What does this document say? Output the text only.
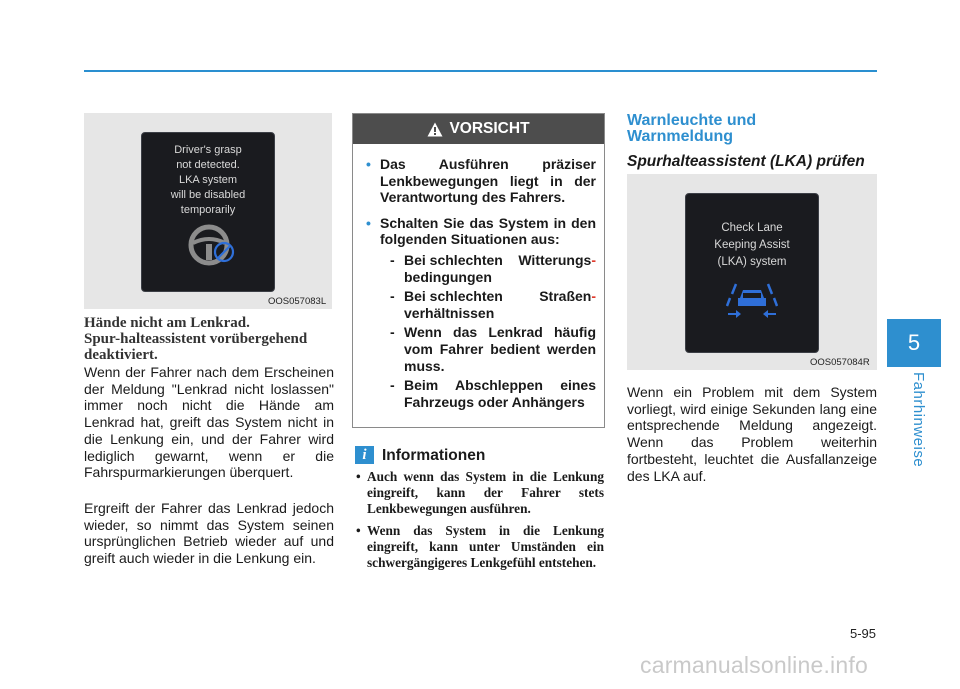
Driver's grasp
not detected.
LKA system
will be disabled
temporarily
OOS057083L
Hände nicht am Lenkrad.
Spur-halteassistent vorübergehend
deaktiviert.
Wenn der Fahrer nach dem Erscheinen der Meldung "Lenkrad nicht loslassen" immer noch nicht die Hände am Lenkrad hat, greift das System nicht in die Lenkung ein, und der Fahrer wird lediglich gewarnt, wenn er die Fahrspurmarkierungen überquert.
Ergreift der Fahrer das Lenkrad jedoch wieder, so nimmt das System seinen ursprünglichen Betrieb wieder auf und greift auch wieder in die Lenkung ein.
VORSICHT
• Das Ausführen präziser Lenkbewegungen liegt in der Verantwortung des Fahrers.
• Schalten Sie das System in den folgenden Situationen aus:
- Bei schlechten Witterungs-
bedingungen
- Bei schlechten	Straßen-
verhältnissen
- Wenn das Lenkrad häufig vom Fahrer bedient werden muss.
- Beim Abschleppen eines Fahrzeugs oder Anhängers
i Informationen
• Auch wenn das System in die Lenkung eingreift, kann der Fahrer stets Lenkbewegungen ausführen.
• Wenn das System in die Lenkung eingreift, kann unter Umständen ein schwergängigeres Lenkgefühl entstehen.
Warnleuchte und
Warnmeldung
Spurhalteassistent (LKA) prüfen
Check Lane
Keeping Assist
(LKA) system
OOS057084R
Wenn ein Problem mit dem System vorliegt, wird einige Sekunden lang eine entsprechende Meldung angezeigt. Wenn das Problem weiterhin fortbesteht, leuchtet die Ausfallanzeige des LKA auf.
5
Fahrhinweise
5-95
carmanualsonline.info
